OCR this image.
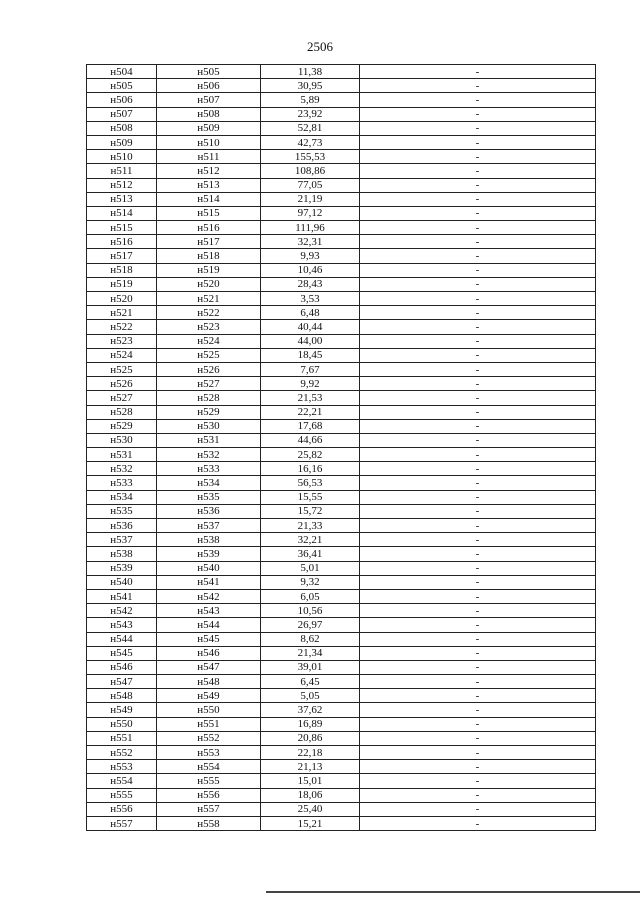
2506
н504	н505	11,38	-
н505	н506	30,95	-
н506	н507	5,89	-
н507	н508	23,92	-
н508	н509	52,81	-
н509	н510	42,73	-
н510	н511	155,53	-
н511	н512	108,86	-
н512	н513	77,05	-
н513	н514	21,19	-
н514	н515	97,12	-
н515	н516	111,96	-
н516	н517	32,31	-
н517	н518	9,93	-
н518	н519	10,46	-
н519	н520	28,43	-
н520	н521	3,53	-
н521	н522	6,48	-
н522	н523	40,44	-
н523	н524	44,00	-
н524	н525	18,45	-
н525	н526	7,67	-
н526	н527	9,92	-
н527	н528	21,53	-
н528	н529	22,21	-
н529	н530	17,68	-
н530	н531	44,66	-
н531	н532	25,82	-
н532	н533	16,16	-
н533	н534	56,53	-
н534	н535	15,55	-
н535	н536	15,72	-
н536	н537	21,33	-
н537	н538	32,21	-
н538	н539	36,41	-
н539	н540	5,01	-
н540	н541	9,32	-
н541	н542	6,05	-
н542	н543	10,56	-
н543	н544	26,97	-
н544	н545	8,62	-
н545	н546	21,34	-
н546	н547	39,01	-
н547	н548	6,45	-
н548	н549	5,05	-
н549	н550	37,62	-
н550	н551	16,89	-
н551	н552	20,86	-
н552	н553	22,18	-
н553	н554	21,13	-
н554	н555	15,01	-
н555	н556	18,06	-
н556	н557	25,40	-
н557	н558	15,21	-
